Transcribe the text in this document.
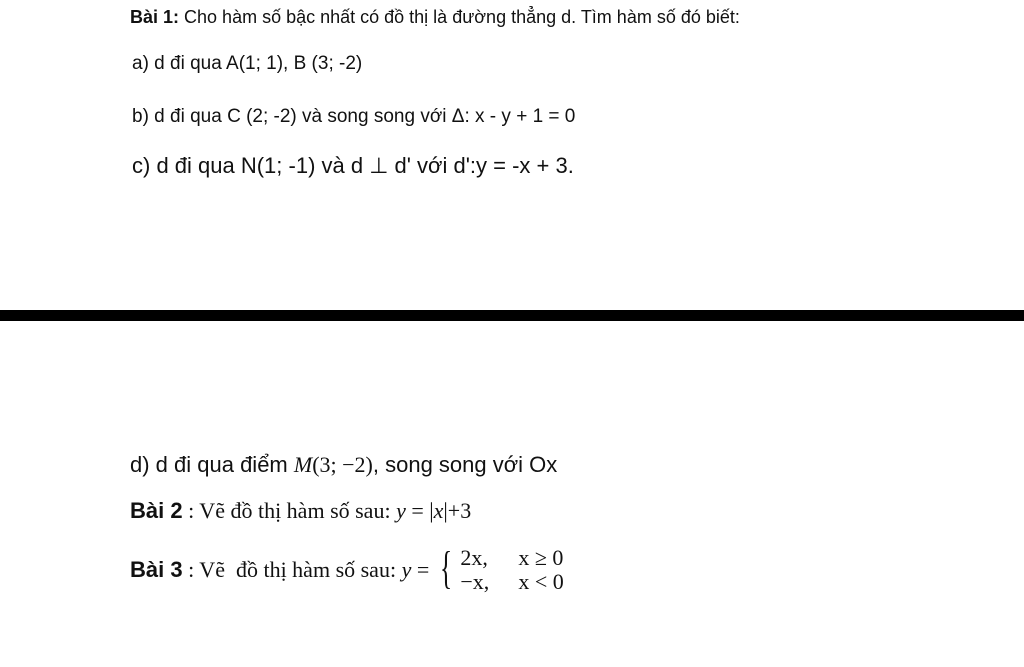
Bài 1: Cho hàm số bậc nhất có đồ thị là đường thẳng d. Tìm hàm số đó biết:
a) d đi qua A(1; 1), B (3; -2)
b) d đi qua C (2; -2) và song song với Δ: x - y + 1 = 0
c) d đi qua N(1; -1) và d ⊥ d' với d':y = -x + 3.
d) d đi qua điểm M(3; −2), song song với Ox
Bài 2 : Vẽ đồ thị hàm số sau: y = |x|+3
Bài 3 : Vẽ  đồ thị hàm số sau: y = { 2x, x ≥ 0
−x, x < 0
